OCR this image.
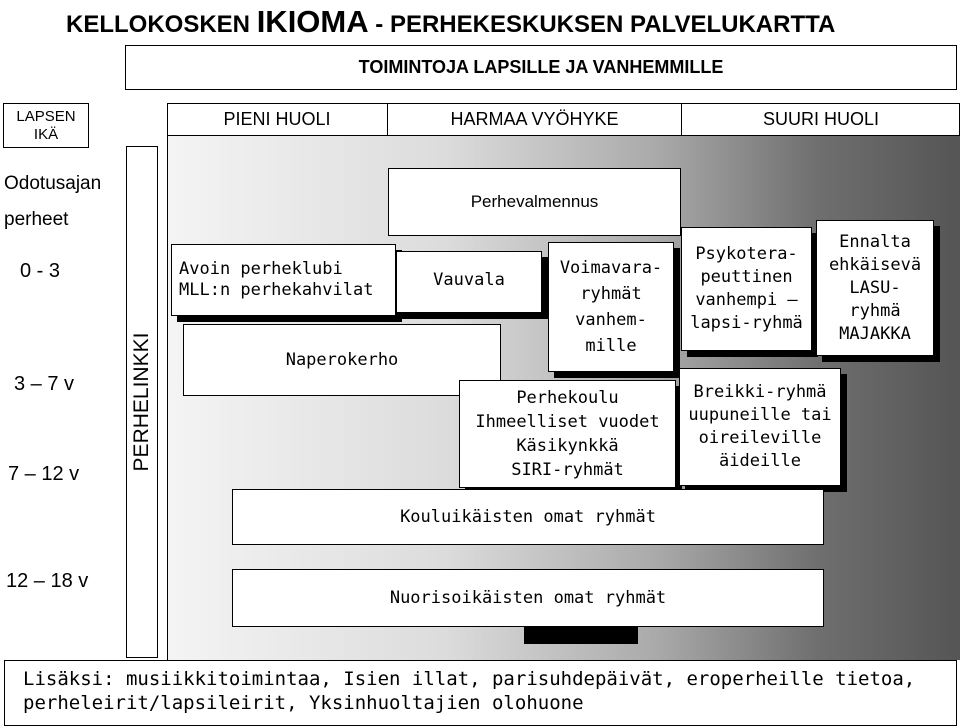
KELLOKOSKEN IKIOMA - PERHEKESKUKSEN PALVELUKARTTA
TOIMINTOJA LAPSILLE JA VANHEMMILLE
LAPSEN
IKÄ
PIENI HUOLI	HARMAA VYÖHYKE	SUURI HUOLI
Odotusajan
perheet
0 - 3
3 – 7 v
7 – 12 v
12 – 18 v
PERHELINKKI
Perhevalmennus
Avoin perheklubi
MLL:n perhekahvilat	Vauvala
Voimavara-
ryhmät
vanhem-
mille
Psykotera-
peuttinen
vanhempi –
lapsi-ryhmä
Ennalta
ehkäisevä
LASU-
ryhmä
MAJAKKA
Naperokerho
Perhekoulu
Ihmeelliset vuodet
Käsikynkkä
SIRI-ryhmät
Breikki-ryhmä
uupuneille tai
oireileville
äideille
Kouluikäisten omat ryhmät
Nuorisoikäisten omat ryhmät
Lisäksi: musiikkitoimintaa, Isien illat, parisuhdepäivät, eroperheille tietoa,
perheleirit/lapsileirit, Yksinhuoltajien olohuone
